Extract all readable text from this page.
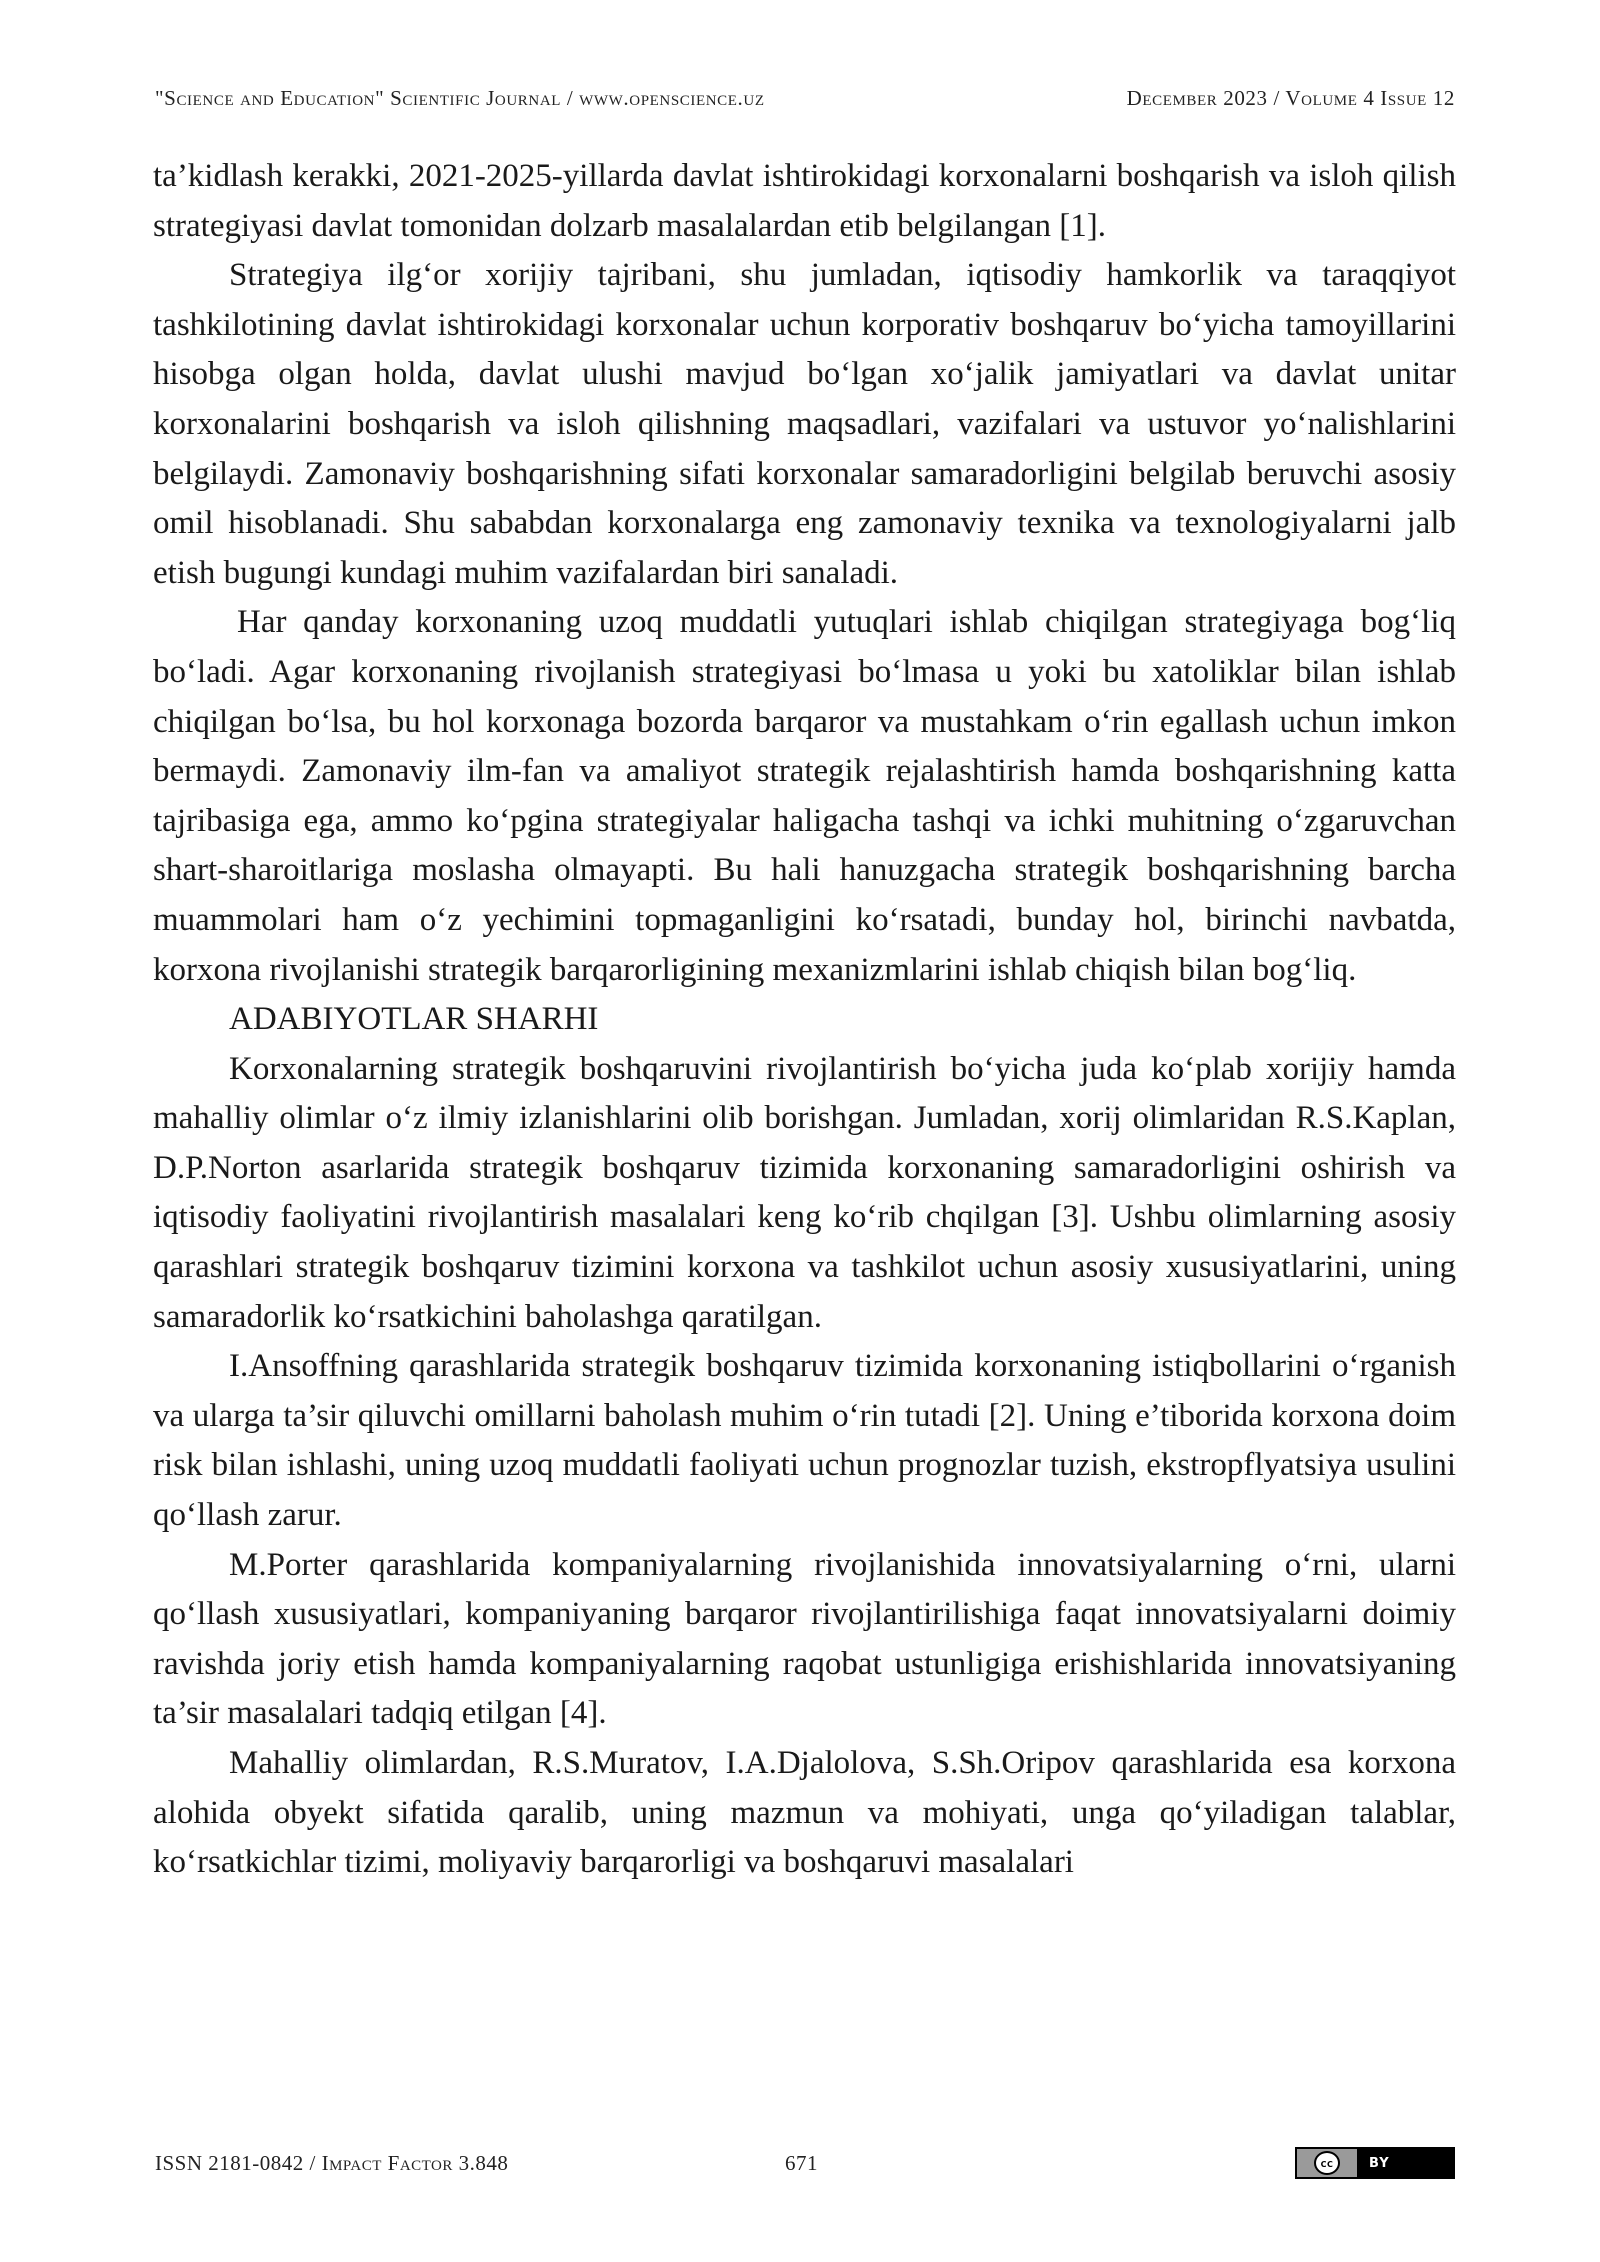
"Science and Education" Scientific Journal / www.openscience.uz	December 2023 / Volume 4 Issue 12

ta’kidlash kerakki, 2021-2025-yillarda davlat ishtirokidagi korxonalarni boshqarish va isloh qilish strategiyasi davlat tomonidan dolzarb masalalardan etib belgilangan [1].

Strategiya ilg‘or xorijiy tajribani, shu jumladan, iqtisodiy hamkorlik va taraqqiyot tashkilotining davlat ishtirokidagi korxonalar uchun korporativ boshqaruv bo‘yicha tamoyillarini hisobga olgan holda, davlat ulushi mavjud bo‘lgan xo‘jalik jamiyatlari va davlat unitar korxonalarini boshqarish va isloh qilishning maqsadlari, vazifalari va ustuvor yo‘nalishlarini belgilaydi. Zamonaviy boshqarishning sifati korxonalar samaradorligini belgilab beruvchi asosiy omil hisoblanadi. Shu sababdan korxonalarga eng zamonaviy texnika va texnologiyalarni jalb etish bugungi kundagi muhim vazifalardan biri sanaladi.

Har qanday korxonaning uzoq muddatli yutuqlari ishlab chiqilgan strategiyaga bog‘liq bo‘ladi. Agar korxonaning rivojlanish strategiyasi bo‘lmasa u yoki bu xatoliklar bilan ishlab chiqilgan bo‘lsa, bu hol korxonaga bozorda barqaror va mustahkam o‘rin egallash uchun imkon bermaydi. Zamonaviy ilm-fan va amaliyot strategik rejalashtirish hamda boshqarishning katta tajribasiga ega, ammo ko‘pgina strategiyalar haligacha tashqi va ichki muhitning o‘zgaruvchan shart-sharoitlariga moslasha olmayapti. Bu hali hanuzgacha strategik boshqarishning barcha muammolari ham o‘z yechimini topmaganligini ko‘rsatadi, bunday hol, birinchi navbatda, korxona rivojlanishi strategik barqarorligining mexanizmlarini ishlab chiqish bilan bog‘liq.

ADABIYOTLAR SHARHI

Korxonalarning strategik boshqaruvini rivojlantirish bo‘yicha juda ko‘plab xorijiy hamda mahalliy olimlar o‘z ilmiy izlanishlarini olib borishgan. Jumladan, xorij olimlaridan R.S.Kaplan, D.P.Norton asarlarida strategik boshqaruv tizimida korxonaning samaradorligini oshirish va iqtisodiy faoliyatini rivojlantirish masalalari keng ko‘rib chqilgan [3]. Ushbu olimlarning asosiy qarashlari strategik boshqaruv tizimini korxona va tashkilot uchun asosiy xususiyatlarini, uning samaradorlik ko‘rsatkichini baholashga qaratilgan.

I.Ansoffning qarashlarida strategik boshqaruv tizimida korxonaning istiqbollarini o‘rganish va ularga ta’sir qiluvchi omillarni baholash muhim o‘rin tutadi [2]. Uning e’tiborida korxona doim risk bilan ishlashi, uning uzoq muddatli faoliyati uchun prognozlar tuzish, ekstropflyatsiya usulini qo‘llash zarur.

M.Porter qarashlarida kompaniyalarning rivojlanishida innovatsiyalarning o‘rni, ularni qo‘llash xususiyatlari, kompaniyaning barqaror rivojlantirilishiga faqat innovatsiyalarni doimiy ravishda joriy etish hamda kompaniyalarning raqobat ustunligiga erishishlarida innovatsiyaning ta’sir masalalari tadqiq etilgan [4].

Mahalliy olimlardan, R.S.Muratov, I.A.Djalolova, S.Sh.Oripov qarashlarida esa korxona alohida obyekt sifatida qaralib, uning mazmun va mohiyati, unga qo‘yiladigan talablar, ko‘rsatkichlar tizimi, moliyaviy barqarorligi va boshqaruvi masalalari

ISSN 2181-0842 / Impact Factor 3.848	671	cc	BY
